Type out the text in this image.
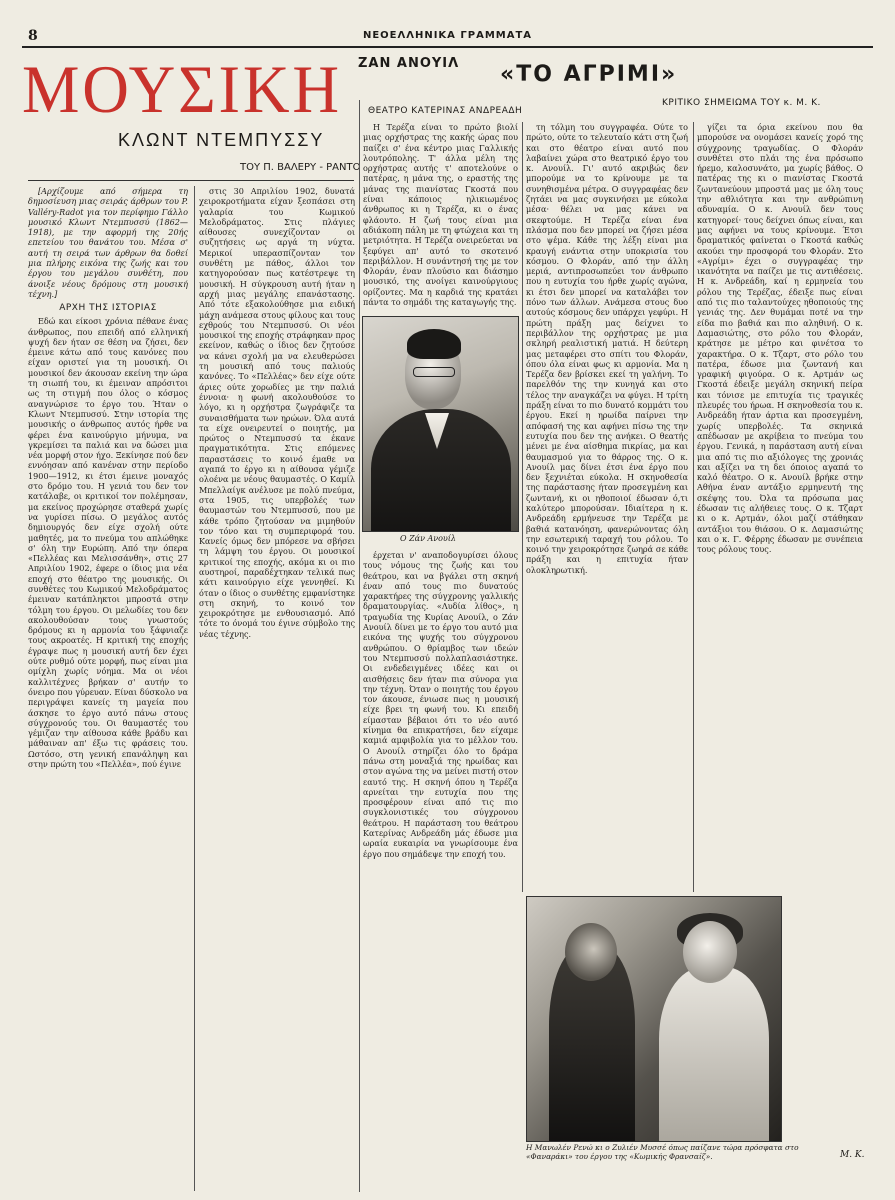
8	ΝΕΟΕΛΛΗΝΙΚΑ ΓΡΑΜΜΑΤΑ
ΜΟΥΣΙΚΗ ΖΑΝ ΑΝΟΥΙΛ «ΤΟ ΑΓΡΙΜΙ»
ΘΕΑΤΡΟ ΚΑΤΕΡΙΝΑΣ ΑΝΔΡΕΑΔΗ
ΚΡΙΤΙΚΟ ΣΗΜΕΙΩΜΑ ΤΟΥ κ. Μ. Κ.
ΚΛΩΝΤ ΝΤΕΜΠΥΣΣΥ
ΤΟΥ Π. ΒΑΛΕΡΥ - ΡΑΝΤΟ

[Αρχίζουμε από σήμερα τη δημοσίευση μιας σειράς άρθρων του P. Valléry-Radot για τον περίφημο Γάλλο μουσικό Κλωντ Ντεμπυσσύ (1862—1918), με την αφορμή της 20ής επετείου του θανάτου του. Μέσα σ' αυτή τη σειρά των άρθρων θα δοθεί μια πλήρης εικόνα της ζωής και του έργου του μεγάλου συνθέτη, που άνοιξε νέους δρόμους στη μουσική τέχνη.]

ΑΡΧΗ ΤΗΣ ΙΣΤΟΡΙΑΣ

Εδώ και είκοσι χρόνια πέθανε ένας άνθρωπος, που επειδή από ελληνική ψυχή δεν ήταν σε θέση να ζήσει, δεν έμεινε κάτω από τους κανόνες που είχαν οριστεί για τη μουσική. Οι μουσικοί δεν άκουσαν εκείνη την ώρα τη σιωπή του, κι έμειναν απρόσιτοι ως τη στιγμή που όλος ο κόσμος αναγνώρισε το έργο του. Ήταν ο Κλωντ Ντεμπυσσύ. Στην ιστορία της μουσικής ο άνθρωπος αυτός ήρθε να φέρει ένα καινούργιο μήνυμα, να γκρεμίσει τα παλιά και να δώσει μια νέα μορφή στον ήχο. Ξεκίνησε πού δεν εννόησαν από κανέναν στην περίοδο 1900—1912, κι έτσι έμεινε μοναχός στο δρόμο του. Η γενιά του δεν τον κατάλαβε, οι κριτικοί τον πολέμησαν, μα εκείνος προχώρησε σταθερά χωρίς να γυρίσει πίσω. Ο μεγάλος αυτός δημιουργός δεν είχε σχολή ούτε μαθητές, μα το πνεύμα του απλώθηκε σ' όλη την Ευρώπη. Από την όπερα «Πελλέας και Μελισσάνθη», στις 27 Απριλίου 1902, έφερε ο ίδιος μια νέα εποχή στο θέατρο της μουσικής. Οι συνθέτες του Κωμικού Μελοδράματος έμειναν κατάπληκτοι μπροστά στην τόλμη του έργου. Οι μελωδίες του δεν ακολουθούσαν τους γνωστούς δρόμους κι η αρμονία του ξάφνιαζε τους ακροατές. Η κριτική της εποχής έγραψε πως η μουσική αυτή δεν έχει ούτε ρυθμό ούτε μορφή, πως είναι μια ομίχλη χωρίς νόημα. Μα οι νέοι καλλιτέχνες βρήκαν σ' αυτήν το όνειρο που γύρευαν. Είναι δύσκολο να περιγράψει κανείς τη μαγεία που άσκησε το έργο αυτό πάνω στους σύγχρονούς του. Οι θαυμαστές του γέμιζαν την αίθουσα κάθε βράδυ και μάθαιναν απ' έξω τις φράσεις του. Ωστόσο, στη γενική επανάληψη και στην πρώτη του «Πελλέα», πού έγινε

στις 30 Απριλίου 1902, δυνατά χειροκροτήματα είχαν ξεσπάσει στη γαλαρία του Κωμικού Μελοδράματος. Στις πλάγιες αίθουσες συνεχίζονταν οι συζητήσεις ως αργά τη νύχτα. Μερικοί υπερασπίζονταν τον συνθέτη με πάθος, άλλοι τον κατηγορούσαν πως κατέστρεψε τη μουσική. Η σύγκρουση αυτή ήταν η αρχή μιας μεγάλης επανάστασης. Από τότε εξακολούθησε μια ειδική μάχη ανάμεσα στους φίλους και τους εχθρούς του Ντεμπυσσύ. Οι νέοι μουσικοί της εποχής στράφηκαν προς εκείνον, καθώς ο ίδιος δεν ζητούσε να κάνει σχολή μα να ελευθερώσει τη μουσική από τους παλιούς κανόνες. Το «Πελλέας» δεν είχε ούτε άριες ούτε χορωδίες με την παλιά έννοια· η φωνή ακολουθούσε το λόγο, κι η ορχήστρα ζωγράφιζε τα συναισθήματα των ηρώων. Όλα αυτά τα είχε ονειρευτεί ο ποιητής, μα πρώτος ο Ντεμπυσσύ τα έκανε πραγματικότητα. Στις επόμενες παραστάσεις το κοινό έμαθε να αγαπά το έργο κι η αίθουσα γέμιζε ολοένα με νέους θαυμαστές. Ο Καμίλ Μπελλαίγκ ανέλυσε με πολύ πνεύμα, στα 1905, τις υπερβολές των θαυμαστών του Ντεμπυσσύ, που με κάθε τρόπο ζητούσαν να μιμηθούν τον τόνο και τη συμπεριφορά του. Κανείς όμως δεν μπόρεσε να σβήσει τη λάμψη του έργου. Οι μουσικοί κριτικοί της εποχής, ακόμα κι οι πιο αυστηροί, παραδέχτηκαν τελικά πως κάτι καινούργιο είχε γεννηθεί. Κι όταν ο ίδιος ο συνθέτης εμφανίστηκε στη σκηνή, το κοινό τον χειροκρότησε με ενθουσιασμό. Από τότε το όνομά του έγινε σύμβολο της νέας τέχνης.

Η Τερέζα είναι το πρώτο βιολί μιας ορχήστρας της κακής ώρας που παίζει σ' ένα κέντρο μιας Γαλλικής λουτρόπολης. Τ' άλλα μέλη της ορχήστρας αυτής τ' αποτελούνε ο πατέρας, η μάνα της, ο εραστής της μάνας της πιανίστας Γκοστά που είναι κάποιος ηλικιωμένος άνθρωπος κι η Τερέζα, κι ο ένας φλάουτο. Η ζωή τους είναι μια αδιάκοπη πάλη με τη φτώχεια και τη μετριότητα. Η Τερέζα ονειρεύεται να ξεφύγει απ' αυτό το σκοτεινό περιβάλλον. Η συνάντησή της με τον Φλοράν, έναν πλούσιο και διάσημο μουσικό, της ανοίγει καινούργιους ορίζοντες. Μα η καρδιά της κρατάει πάντα το σημάδι της καταγωγής της.

Ο Ζάν Ανουίλ

έρχεται ν' αναποδογυρίσει όλους τους νόμους της ζωής και του θεάτρου, και να βγάλει στη σκηνή έναν από τους πιο δυνατούς χαρακτήρες της σύγχρονης γαλλικής δραματουργίας. «Λυδία λίθος», η τραγωδία της Κυρίας Ανουίλ, ο Ζάν Ανουίλ δίνει με το έργο του αυτό μια εικόνα της ψυχής του σύγχρονου ανθρώπου. Ο θρίαμβος των ιδεών του Ντεμπυσσύ πολλαπλασιάστηκε. Οι ενδεδειγμένες ιδέες και οι αισθήσεις δεν ήταν πια σύνορα για την τέχνη. Όταν ο ποιητής του έργου τον άκουσε, ένιωσε πως η μουσική είχε βρει τη φωνή του. Κι επειδή είμασταν βέβαιοι ότι το νέο αυτό κίνημα θα επικρατήσει, δεν είχαμε καμιά αμφιβολία για το μέλλον του. Ο Ανουίλ στηρίζει όλο το δράμα πάνω στη μοναξιά της ηρωίδας και στον αγώνα της να μείνει πιστή στον εαυτό της. Η σκηνή όπου η Τερέζα αρνείται την ευτυχία που της προσφέρουν είναι από τις πιο συγκλονιστικές του σύγχρονου θεάτρου. Η παράσταση του θεάτρου Κατερίνας Ανδρεάδη μάς έδωσε μια ωραία ευκαιρία να γνωρίσουμε ένα έργο που σημάδεψε την εποχή του.

τη τόλμη του συγγραφέα. Ούτε το πρώτο, ούτε το τελευταίο κάτι στη ζωή και στο θέατρο είναι αυτό που λαβαίνει χώρα στο θεατρικό έργο του κ. Ανουίλ. Γι' αυτό ακριβώς δεν μπορούμε να το κρίνουμε με τα συνηθισμένα μέτρα. Ο συγγραφέας δεν ζητάει να μας συγκινήσει με εύκολα μέσα· θέλει να μας κάνει να σκεφτούμε. Η Τερέζα είναι ένα πλάσμα που δεν μπορεί να ζήσει μέσα στο ψέμα. Κάθε της λέξη είναι μια κραυγή ενάντια στην υποκρισία του κόσμου. Ο Φλοράν, από την άλλη μεριά, αντιπροσωπεύει τον άνθρωπο που η ευτυχία του ήρθε χωρίς αγώνα, κι έτσι δεν μπορεί να καταλάβει τον πόνο των άλλων. Ανάμεσα στους δυο αυτούς κόσμους δεν υπάρχει γεφύρι. Η πρώτη πράξη μας δείχνει το περιβάλλον της ορχήστρας με μια σκληρή ρεαλιστική ματιά. Η δεύτερη μας μεταφέρει στο σπίτι του Φλοράν, όπου όλα είναι φως κι αρμονία. Μα η Τερέζα δεν βρίσκει εκεί τη γαλήνη. Το παρελθόν της την κυνηγά και στο τέλος την αναγκάζει να φύγει. Η τρίτη πράξη είναι το πιο δυνατό κομμάτι του έργου. Εκεί η ηρωίδα παίρνει την απόφασή της και αφήνει πίσω της την ευτυχία που δεν της ανήκει. Ο θεατής μένει με ένα αίσθημα πικρίας, μα και θαυμασμού για το θάρρος της. Ο κ. Ανουίλ μας δίνει έτσι ένα έργο που δεν ξεχνιέται εύκολα. Η σκηνοθεσία της παράστασης ήταν προσεγμένη και ζωντανή, κι οι ηθοποιοί έδωσαν ό,τι καλύτερο μπορούσαν. Ιδιαίτερα η κ. Ανδρεάδη ερμήνευσε την Τερέζα με βαθιά κατανόηση, φανερώνοντας όλη την εσωτερική ταραχή του ρόλου. Το κοινό την χειροκρότησε ζωηρά σε κάθε πράξη και η επιτυχία ήταν ολοκληρωτική.

γίζει τα όρια εκείνου που θα μπορούσε να ονομάσει κανείς χορό της σύγχρονης τραγωδίας. Ο Φλοράν συνθέτει στο πλάι της ένα πρόσωπο ήρεμο, καλοσυνάτο, μα χωρίς βάθος. Ο πατέρας της κι ο πιανίστας Γκοστά ζωντανεύουν μπροστά μας με όλη τους την αθλιότητα και την ανθρώπινη αδυναμία. Ο κ. Ανουίλ δεν τους κατηγορεί· τους δείχνει όπως είναι, και μας αφήνει να τους κρίνουμε. Έτσι δραματικός φαίνεται ο Γκοστά καθώς ακούει την προσφορά του Φλοράν. Στο «Αγρίμι» έχει ο συγγραφέας την ικανότητα να παίζει με τις αντιθέσεις. Η κ. Ανδρεάδη, καί η ερμηνεία του ρόλου της Τερέζας, έδειξε πως είναι από τις πιο ταλαντούχες ηθοποιούς της γενιάς της. Δεν θυμάμαι ποτέ να την είδα πιο βαθιά και πιο αληθινή. Ο κ. Δαμασιώτης, στο ρόλο του Φλοράν, κράτησε με μέτρο και φινέτσα το χαρακτήρα. Ο κ. Τζαρτ, στο ρόλο του πατέρα, έδωσε μια ζωντανή και γραφική φιγούρα. Ο κ. Αρτμάν ως Γκοστά έδειξε μεγάλη σκηνική πείρα και τόνισε με επιτυχία τις τραγικές πλευρές του ήρωα. Η σκηνοθεσία του κ. Ανδρεάδη ήταν άρτια και προσεγμένη, χωρίς υπερβολές. Τα σκηνικά απέδωσαν με ακρίβεια το πνεύμα του έργου. Γενικά, η παράσταση αυτή είναι μια από τις πιο αξιόλογες της χρονιάς και αξίζει να τη δει όποιος αγαπά το καλό θέατρο. Ο κ. Ανουίλ βρήκε στην Αθήνα έναν αντάξιο ερμηνευτή της σκέψης του. Όλα τα πρόσωπα μας έδωσαν τις αλήθειες τους. Ο κ. Τζαρτ κι ο κ. Αρτμάν, όλοι μαζί στάθηκαν αντάξιοι του θιάσου. Ο κ. Δαμασιώτης και ο κ. Γ. Φέρρης έδωσαν με συνέπεια τους ρόλους τους.

Η Μανωλέν Ρενώ κι ο Ζυλιέν Μυσσέ όπως παίζανε τώρα πρόσφατα στο «Φαναράκι» του έργου της «Κωμικής Φρανσαίζ».	Μ. Κ.
